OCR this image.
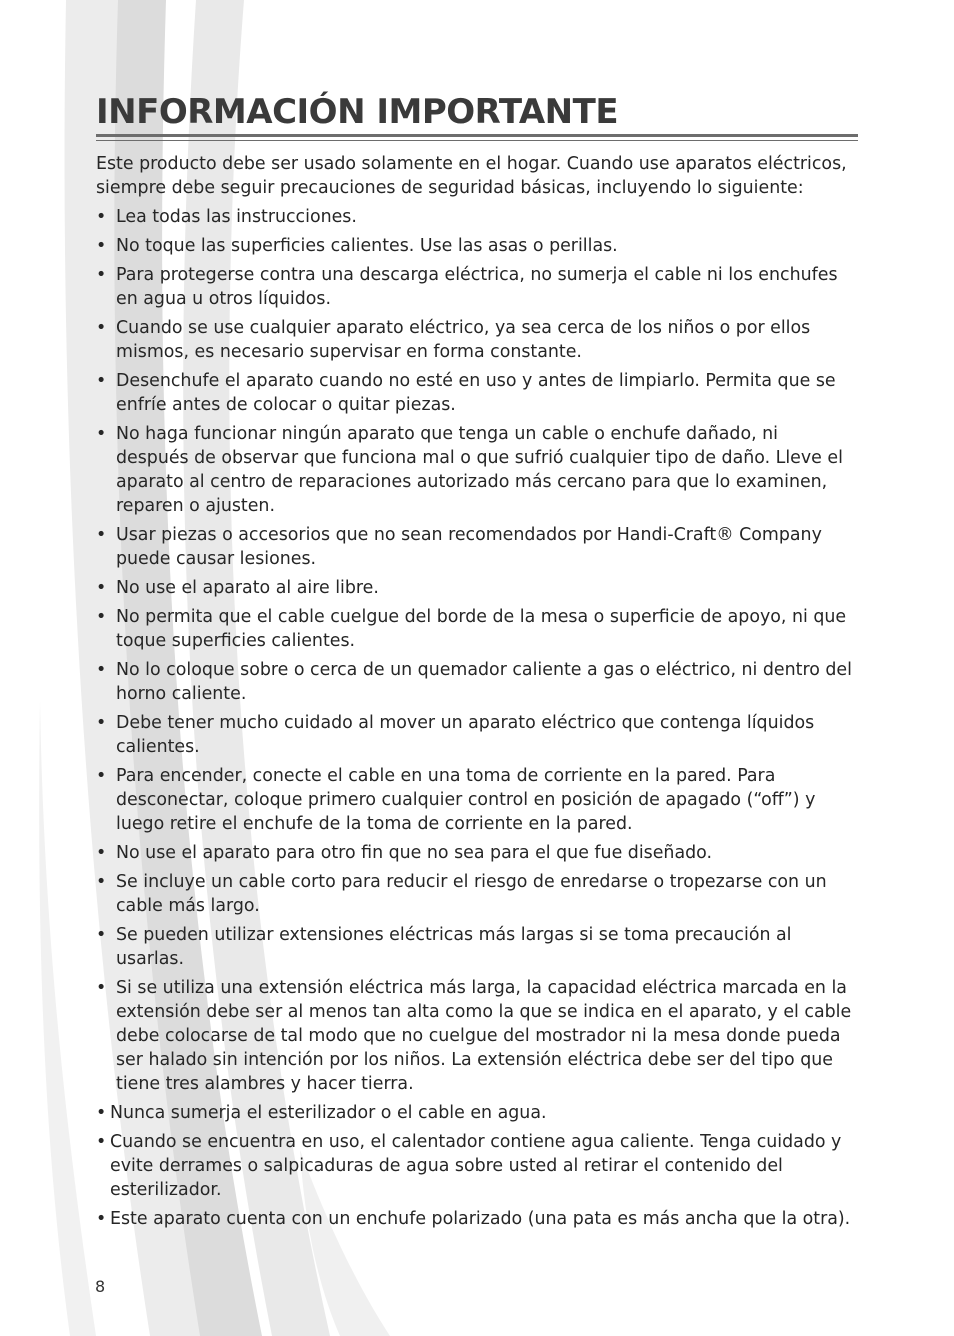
INFORMACIÓN IMPORTANTE

Este producto debe ser usado solamente en el hogar. Cuando use aparatos eléctricos, siempre debe seguir precauciones de seguridad básicas, incluyendo lo siguiente:

• Lea todas las instrucciones.
• No toque las superficies calientes. Use las asas o perillas.
• Para protegerse contra una descarga eléctrica, no sumerja el cable ni los enchufes en agua u otros líquidos.
• Cuando se use cualquier aparato eléctrico, ya sea cerca de los niños o por ellos mismos, es necesario supervisar en forma constante.
• Desenchufe el aparato cuando no esté en uso y antes de limpiarlo. Permita que se enfríe antes de colocar o quitar piezas.
• No haga funcionar ningún aparato que tenga un cable o enchufe dañado, ni después de observar que funciona mal o que sufrió cualquier tipo de daño. Lleve el aparato al centro de reparaciones autorizado más cercano para que lo examinen, reparen o ajusten.
• Usar piezas o accesorios que no sean recomendados por Handi-Craft® Company puede causar lesiones.
• No use el aparato al aire libre.
• No permita que el cable cuelgue del borde de la mesa o superficie de apoyo, ni que toque superficies calientes.
• No lo coloque sobre o cerca de un quemador caliente a gas o eléctrico, ni dentro del horno caliente.
• Debe tener mucho cuidado al mover un aparato eléctrico que contenga líquidos calientes.
• Para encender, conecte el cable en una toma de corriente en la pared. Para desconectar, coloque primero cualquier control en posición de apagado (“off”) y luego retire el enchufe de la toma de corriente en la pared.
• No use el aparato para otro fin que no sea para el que fue diseñado.
• Se incluye un cable corto para reducir el riesgo de enredarse o tropezarse con un cable más largo.
• Se pueden utilizar extensiones eléctricas más largas si se toma precaución al usarlas.
• Si se utiliza una extensión eléctrica más larga, la capacidad eléctrica marcada en la extensión debe ser al menos tan alta como la que se indica en el aparato, y el cable debe colocarse de tal modo que no cuelgue del mostrador ni la mesa donde pueda ser halado sin intención por los niños. La extensión eléctrica debe ser del tipo que tiene tres alambres y hacer tierra.
• Nunca sumerja el esterilizador o el cable en agua.
• Cuando se encuentra en uso, el calentador contiene agua caliente. Tenga cuidado y evite derrames o salpicaduras de agua sobre usted al retirar el contenido del esterilizador.
• Este aparato cuenta con un enchufe polarizado (una pata es más ancha que la otra).
8
